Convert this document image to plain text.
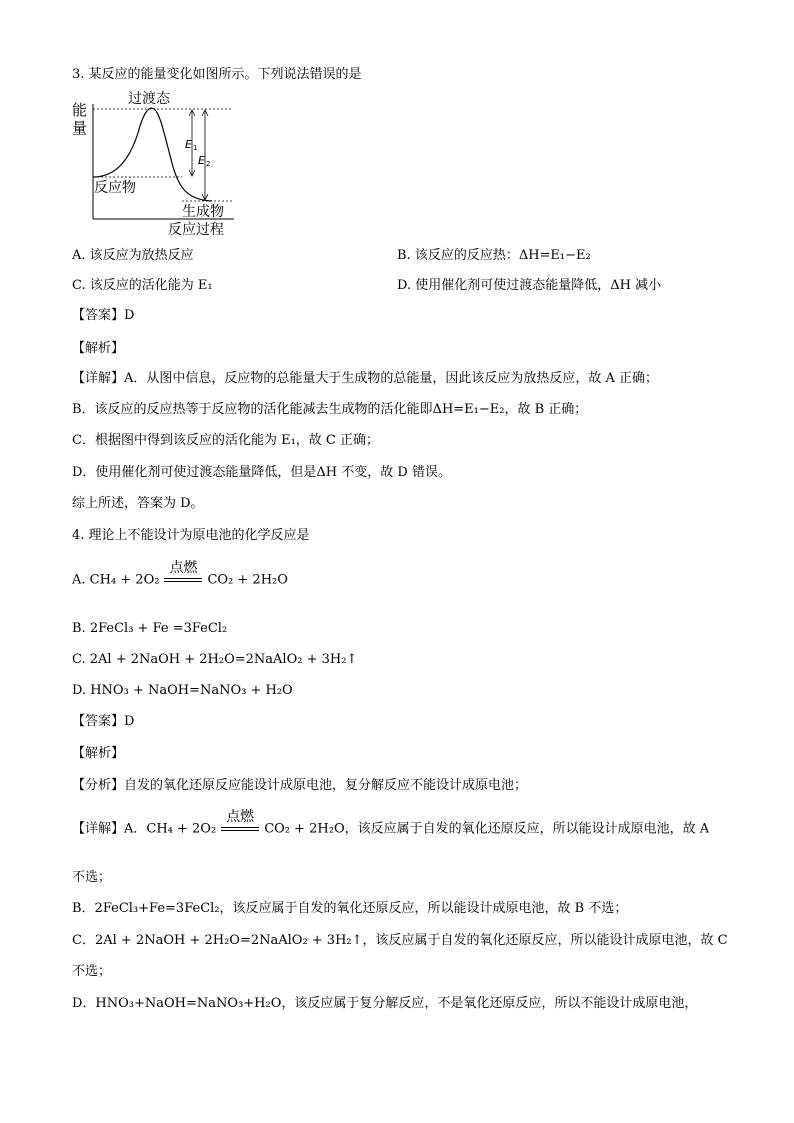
3. 某反应的能量变化如图所示。下列说法错误的是
能
量
过渡态
反应物
生成物
反应过程
E 1
E 2
A. 该反应为放热反应	B. 该反应的反应热：ΔH=E₁−E₂
C. 该反应的活化能为 E₁	D. 使用催化剂可使过渡态能量降低，ΔH 减小
【答案】D
【解析】
【详解】A．从图中信息，反应物的总能量大于生成物的总能量，因此该反应为放热反应，故 A 正确；
B．该反应的反应热等于反应物的活化能减去生成物的活化能即ΔH=E₁−E₂，故 B 正确；
C．根据图中得到该反应的活化能为 E₁，故 C 正确；
D．使用催化剂可使过渡态能量降低，但是ΔH 不变，故 D 错误。
综上所述，答案为 D。
4. 理论上不能设计为原电池的化学反应是
A. CH₄ + 2O₂
点燃
CO₂ + 2H₂O
B. 2FeCl₃ + Fe =3FeCl₂
C. 2Al + 2NaOH + 2H₂O=2NaAlO₂ + 3H₂↑
D. HNO₃ + NaOH=NaNO₃ + H₂O
【答案】D
【解析】
【分析】自发的氧化还原反应能设计成原电池，复分解反应不能设计成原电池；
【详解】A．CH₄ + 2O₂
点燃
CO₂ + 2H₂O，该反应属于自发的氧化还原反应，所以能设计成原电池，故 A
不选；
B．2FeCl₃+Fe=3FeCl₂，该反应属于自发的氧化还原反应，所以能设计成原电池，故 B 不选；
C．2Al + 2NaOH + 2H₂O=2NaAlO₂ + 3H₂↑，该反应属于自发的氧化还原反应，所以能设计成原电池，故 C
不选；
D．HNO₃+NaOH=NaNO₃+H₂O，该反应属于复分解反应，不是氧化还原反应，所以不能设计成原电池，
